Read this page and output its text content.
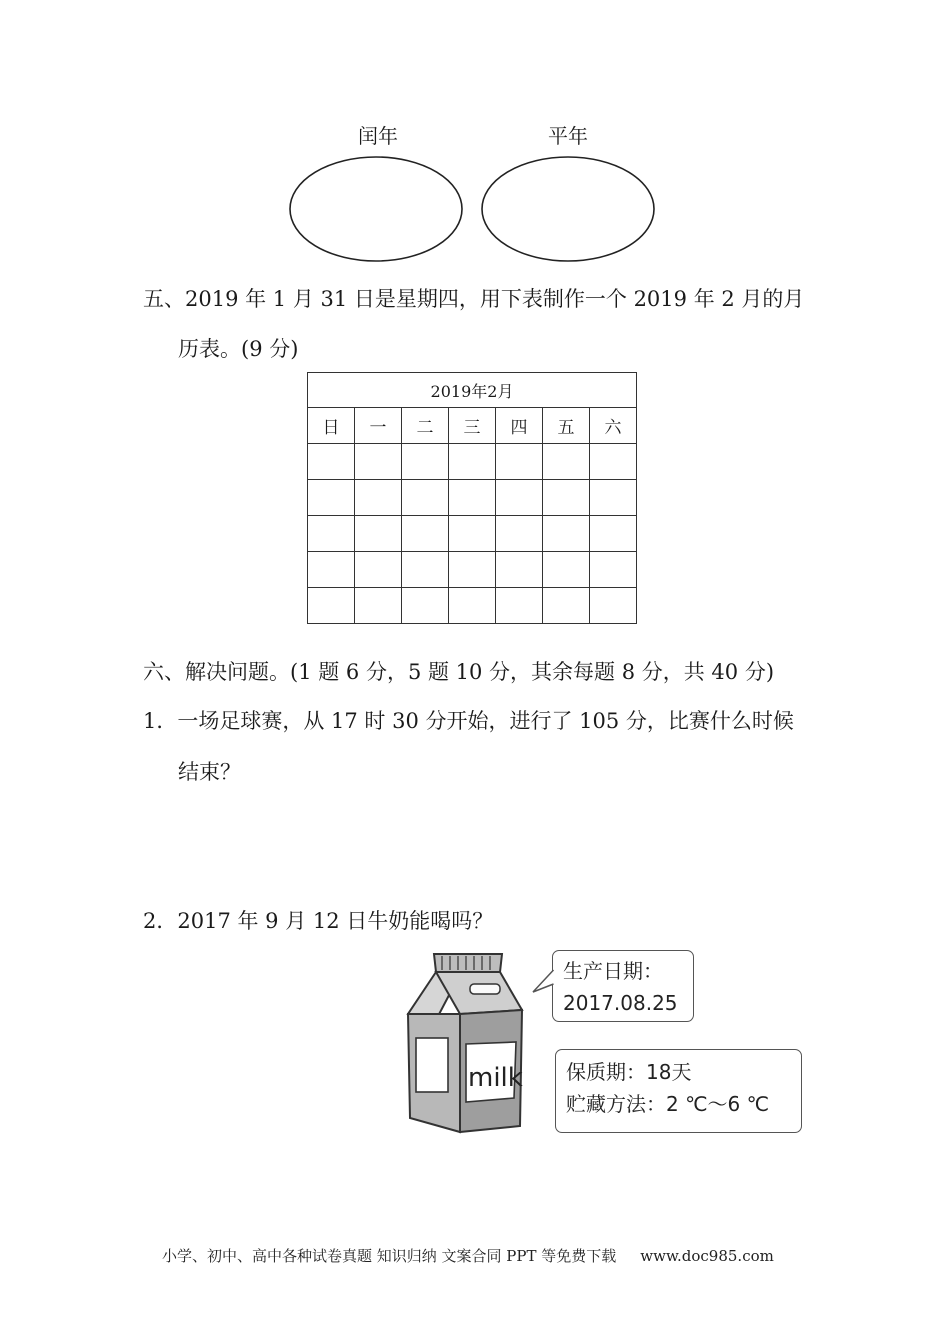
闰年	平年
五、2019 年 1 月 31 日是星期四，用下表制作一个 2019 年 2 月的月
历表。(9 分)
2019年2月						
日	一	二	三	四	五	六

六、解决问题。(1 题 6 分，5 题 10 分，其余每题 8 分，共 40 分)
1．一场足球赛，从 17 时 30 分开始，进行了 105 分，比赛什么时候
结束？
2．2017 年 9 月 12 日牛奶能喝吗？
milk
生产日期：
2017.08.25
保质期：18天
贮藏方法：2 ℃～6 ℃
小学、初中、高中各种试卷真题 知识归纳 文案合同 PPT 等免费下载 www.doc985.com
